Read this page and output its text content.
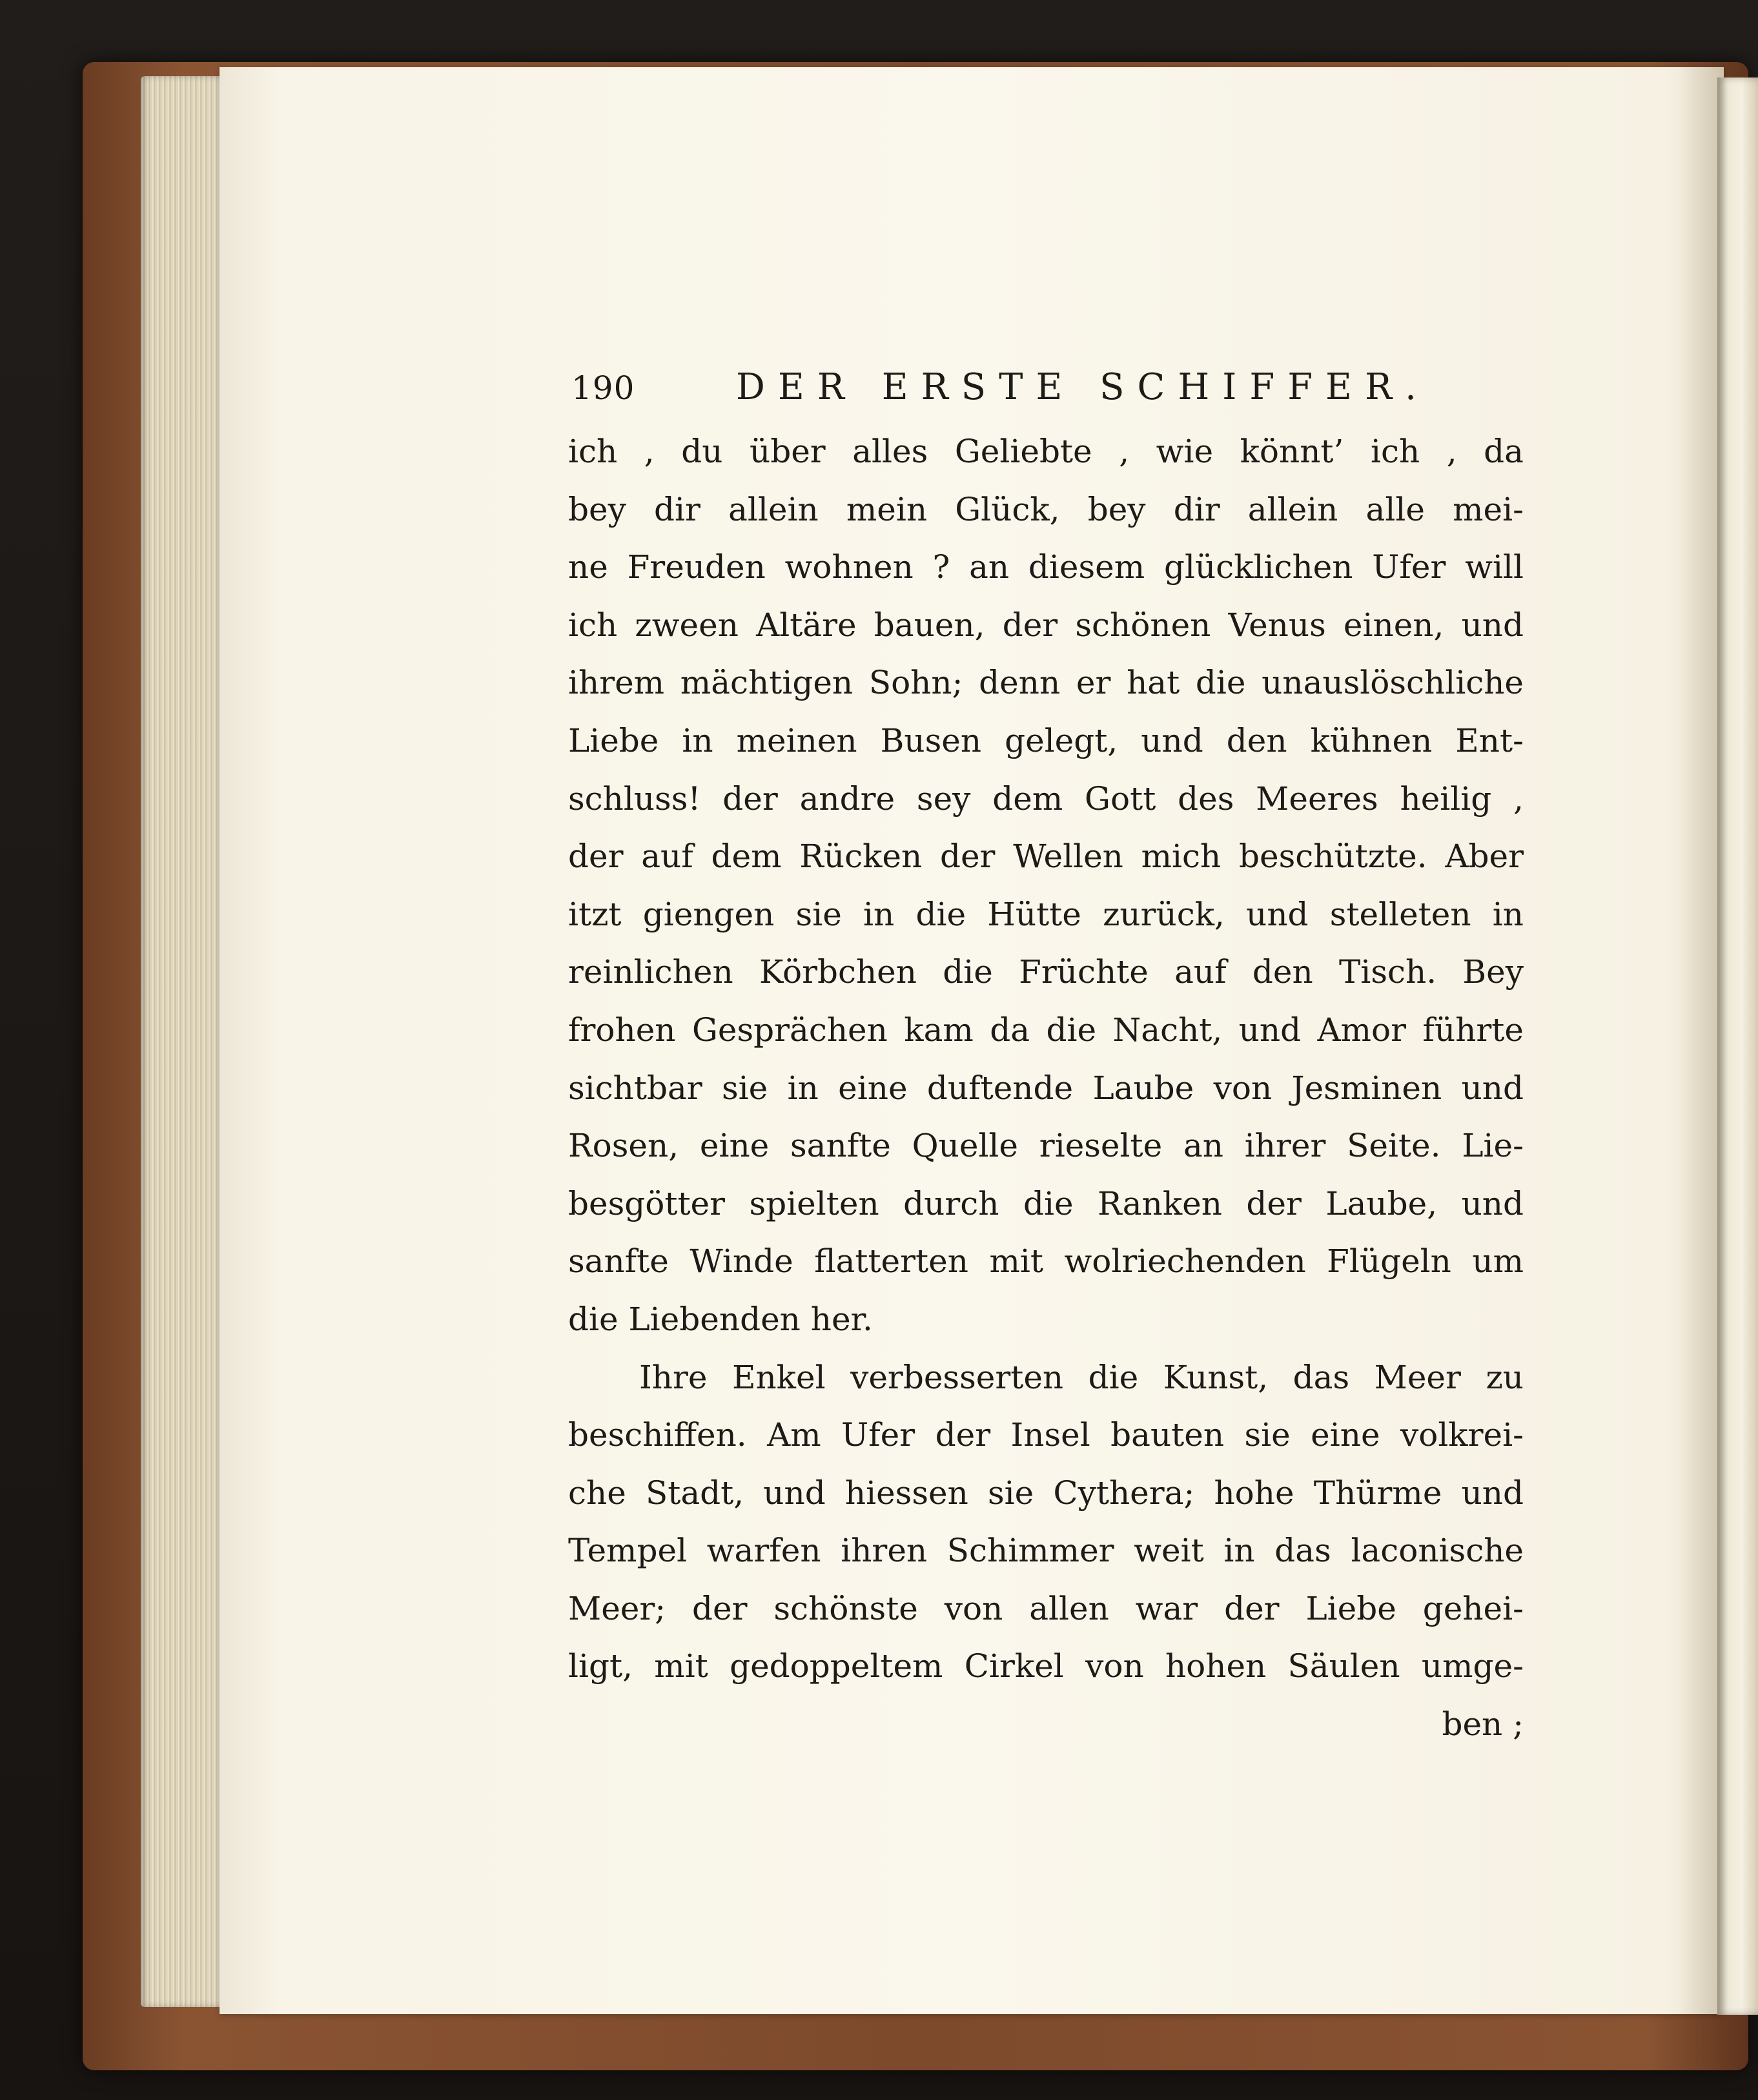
190	DER ERSTE SCHIFFER.
ich , du über alles Geliebte , wie könnt’ ich , da
bey dir allein mein Glück, bey dir allein alle mei-
ne Freuden wohnen ? an diesem glücklichen Ufer will
ich zween Altäre bauen, der schönen Venus einen, und
ihrem mächtigen Sohn; denn er hat die unauslöschliche
Liebe in meinen Busen gelegt, und den kühnen Ent-
schluss! der andre sey dem Gott des Meeres heilig ,
der auf dem Rücken der Wellen mich beschützte. Aber
itzt giengen sie in die Hütte zurück, und stelleten in
reinlichen Körbchen die Früchte auf den Tisch. Bey
frohen Gesprächen kam da die Nacht, und Amor führte
sichtbar sie in eine duftende Laube von Jesminen und
Rosen, eine sanfte Quelle rieselte an ihrer Seite. Lie-
besgötter spielten durch die Ranken der Laube, und
sanfte Winde flatterten mit wolriechenden Flügeln um
die Liebenden her.
Ihre Enkel verbesserten die Kunst, das Meer zu
beschiffen. Am Ufer der Insel bauten sie eine volkrei-
che Stadt, und hiessen sie Cythera; hohe Thürme und
Tempel warfen ihren Schimmer weit in das laconische
Meer; der schönste von allen war der Liebe gehei-
ligt, mit gedoppeltem Cirkel von hohen Säulen umge-
ben ;
